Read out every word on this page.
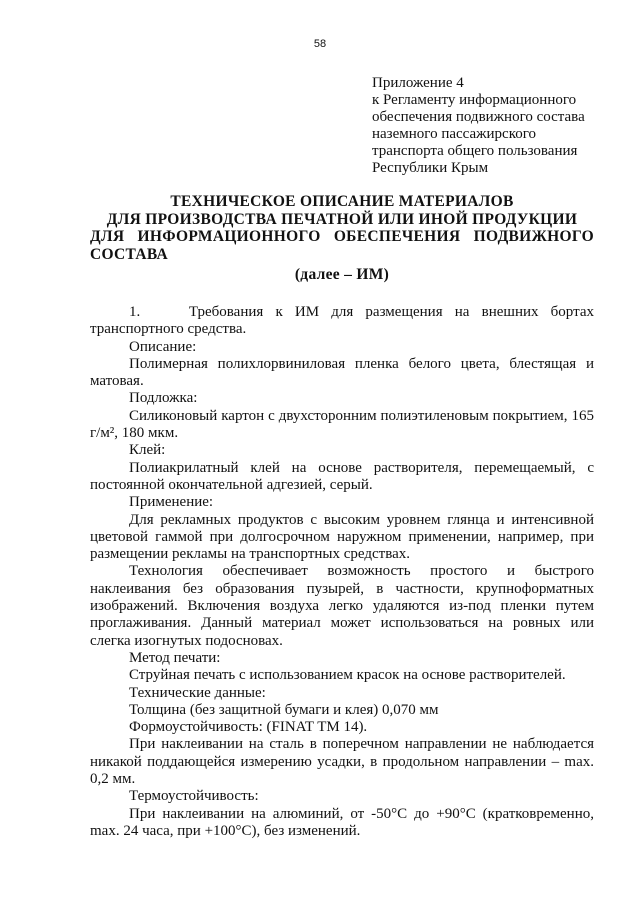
58
Приложение 4
к Регламенту информационного
обеспечения подвижного состава
наземного пассажирского
транспорта общего пользования
Республики Крым
ТЕХНИЧЕСКОЕ ОПИСАНИЕ МАТЕРИАЛОВ
ДЛЯ ПРОИЗВОДСТВА ПЕЧАТНОЙ ИЛИ ИНОЙ ПРОДУКЦИИ
ДЛЯ ИНФОРМАЦИОННОГО ОБЕСПЕЧЕНИЯ ПОДВИЖНОГО
СОСТАВА
(далее – ИМ)

1.    Требования к ИМ для размещения на внешних бортах транспортного средства.

Описание:

Полимерная полихлорвиниловая пленка белого цвета, блестящая и матовая.

Подложка:

Силиконовый картон с двухсторонним полиэтиленовым покрытием, 165 г/м², 180 мкм.

Клей:

Полиакрилатный клей на основе растворителя, перемещаемый, с постоянной окончательной адгезией, серый.

Применение:

Для рекламных продуктов с высоким уровнем глянца и интенсивной цветовой гаммой при долгосрочном наружном применении, например, при размещении рекламы на транспортных средствах.

Технология обеспечивает возможность простого и быстрого наклеивания без образования пузырей, в частности, крупноформатных изображений. Включения воздуха легко удаляются из-под пленки путем проглаживания. Данный материал может использоваться на ровных или слегка изогнутых подосновах.

Метод печати:

Струйная печать с использованием красок на основе растворителей.

Технические данные:

Толщина (без защитной бумаги и клея) 0,070 мм

Формоустойчивость: (FINAT TM 14).

При наклеивании на сталь в поперечном направлении не наблюдается никакой поддающейся измерению усадки, в продольном направлении – max. 0,2 мм.

Термоустойчивость:

При наклеивании на алюминий, от -50°C до +90°C (кратковременно, max. 24 часа, при +100°C), без изменений.
